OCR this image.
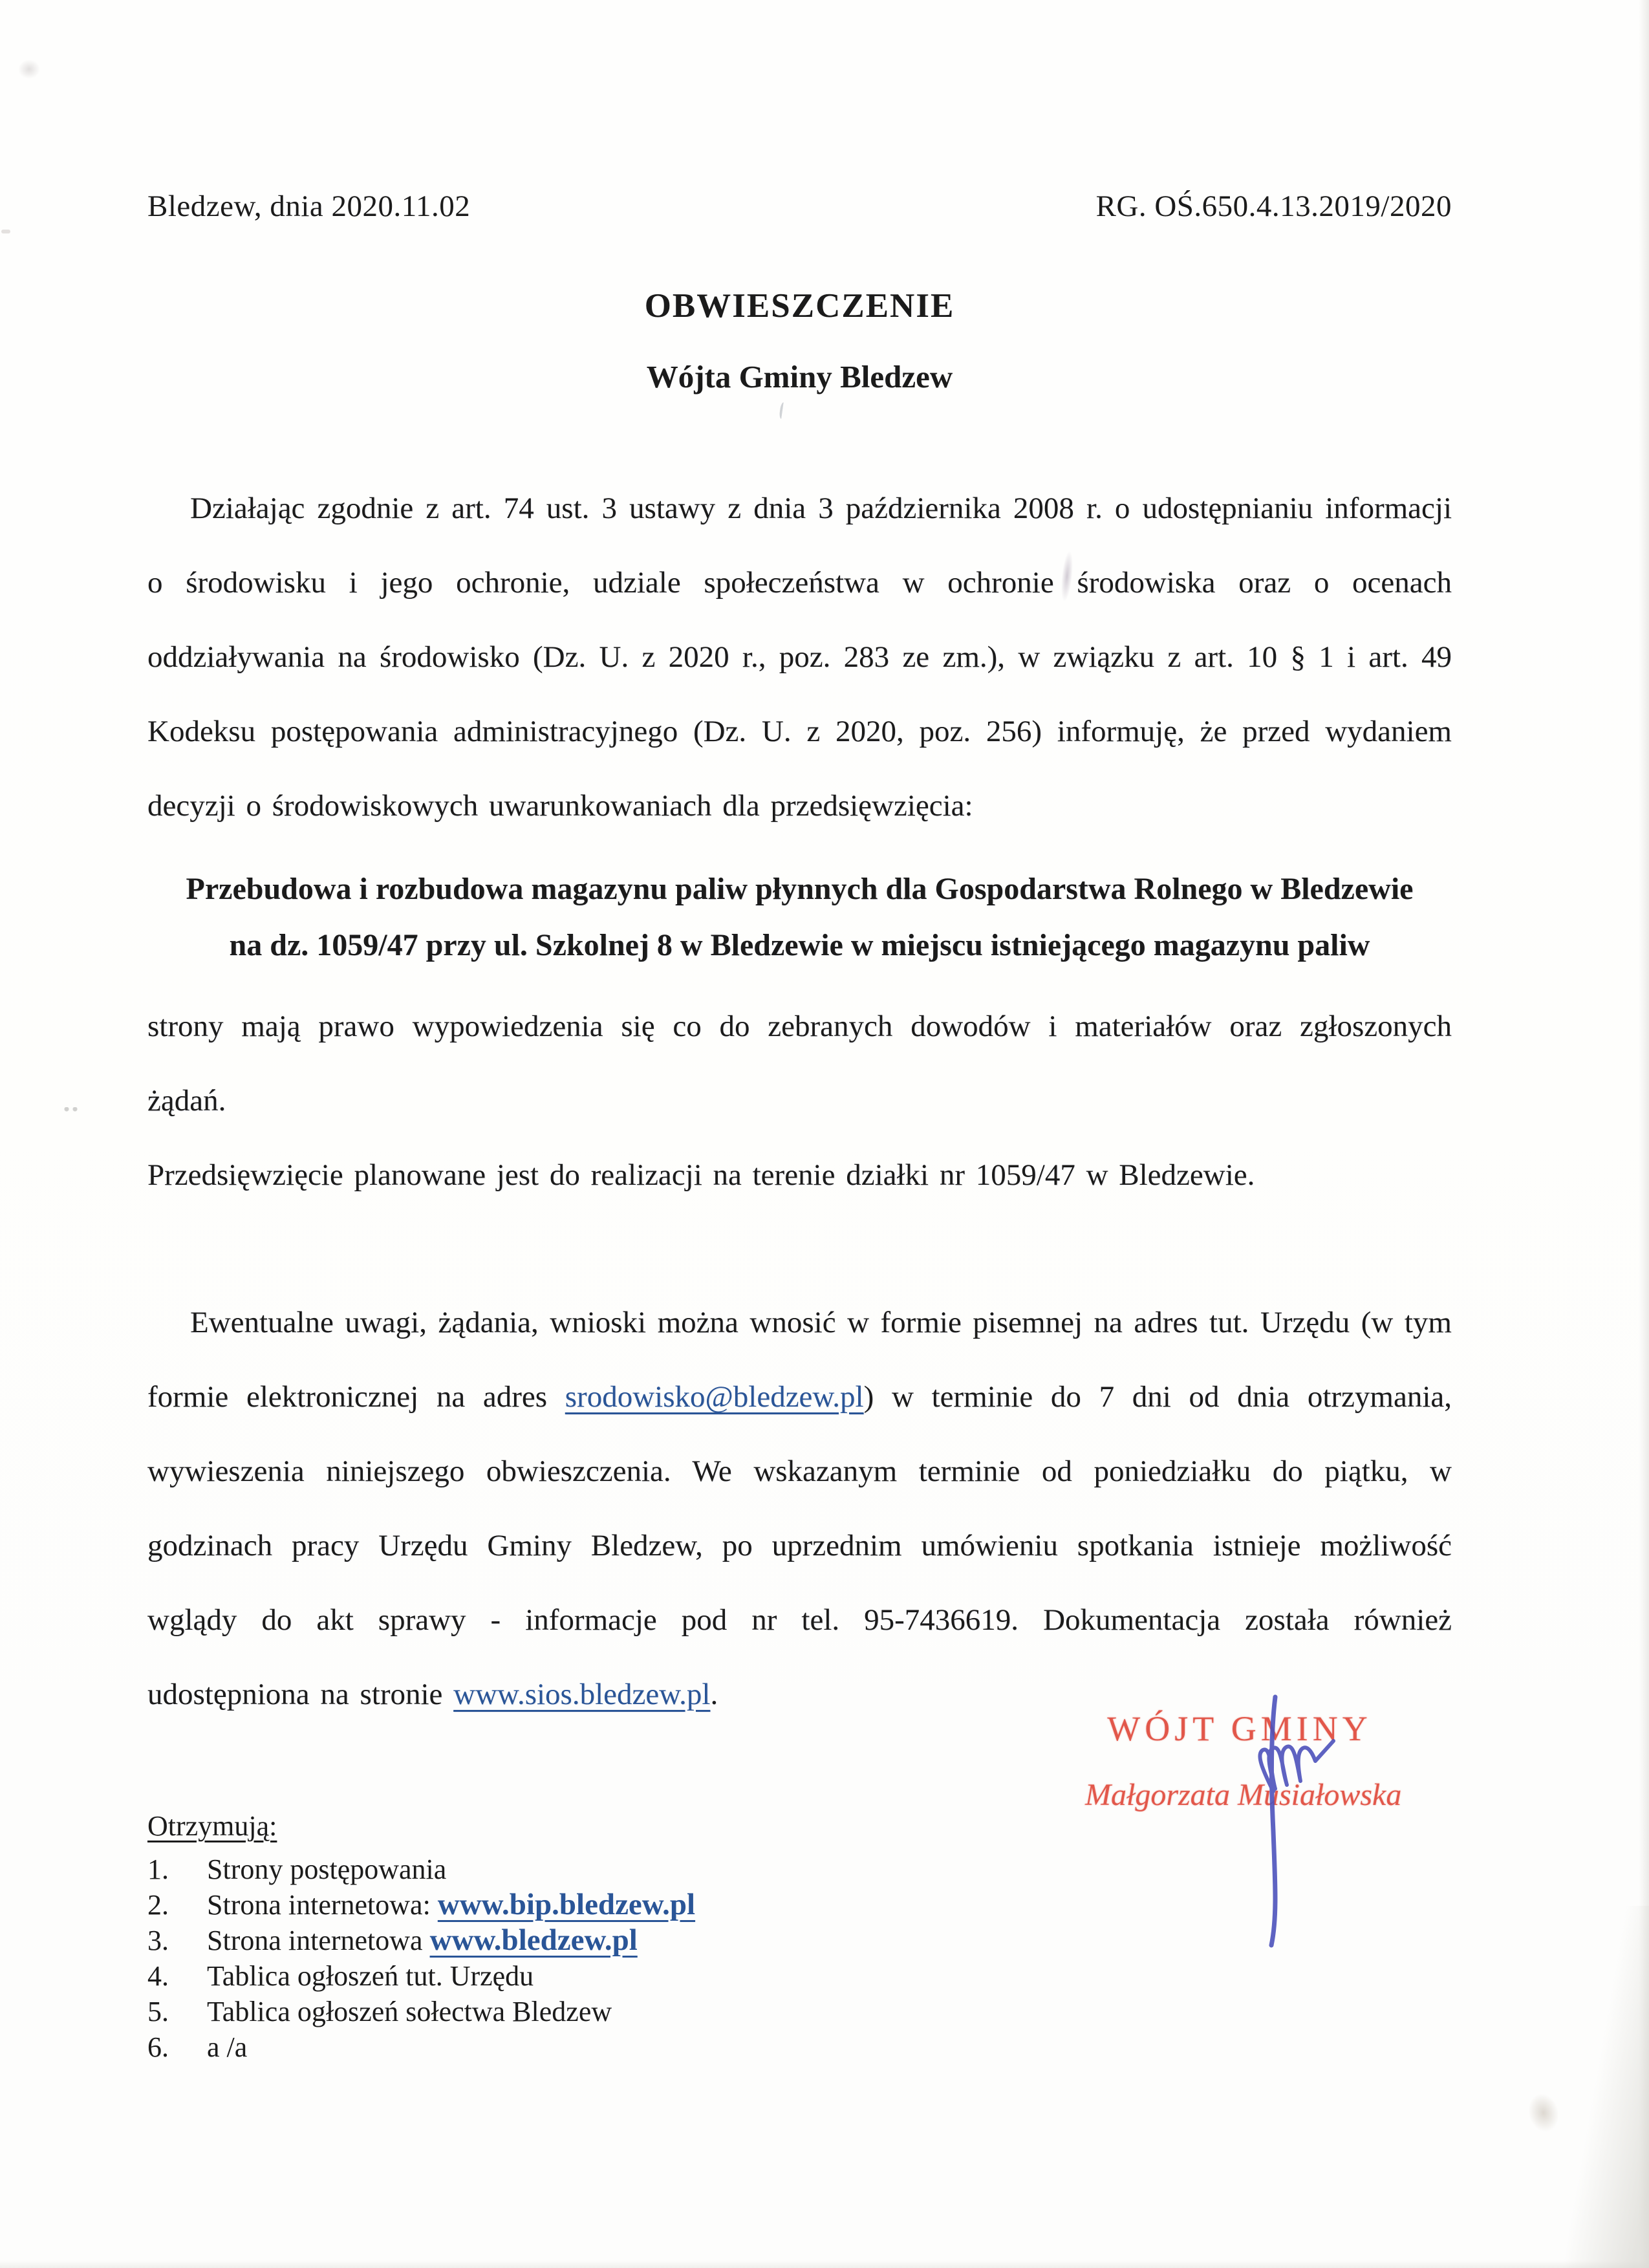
Bledzew, dnia 2020.11.02	RG. OŚ.650.4.13.2019/2020
OBWIESZCZENIE
Wójta Gminy Bledzew

Działając zgodnie z art. 74 ust. 3 ustawy z dnia 3 października 2008 r. o udostępnianiu informacji o środowisku i jego ochronie, udziale społeczeństwa w ochronie środowiska oraz o ocenach oddziaływania na środowisko (Dz. U. z 2020 r., poz. 283 ze zm.), w związku z art. 10 § 1 i art. 49 Kodeksu postępowania administracyjnego (Dz. U. z 2020, poz. 256) informuję, że przed wydaniem decyzji o środowiskowych uwarunkowaniach dla przedsięwzięcia:

Przebudowa i rozbudowa magazynu paliw płynnych dla Gospodarstwa Rolnego w Bledzewie
na dz. 1059/47 przy ul. Szkolnej 8 w Bledzewie w miejscu istniejącego magazynu paliw

strony mają prawo wypowiedzenia się co do zebranych dowodów i materiałów oraz zgłoszonych żądań.

Przedsięwzięcie planowane jest do realizacji na terenie działki nr 1059/47 w Bledzewie.

Ewentualne uwagi, żądania, wnioski można wnosić w formie pisemnej na adres tut. Urzędu (w tym formie elektronicznej na adres srodowisko@bledzew.pl) w terminie do 7 dni od dnia otrzymania, wywieszenia niniejszego obwieszczenia. We wskazanym terminie od poniedziałku do piątku, w godzinach pracy Urzędu Gminy Bledzew, po uprzednim umówieniu spotkania istnieje możliwość wglądy do akt sprawy - informacje pod nr tel. 95-7436619. Dokumentacja została również udostępniona na stronie www.sios.bledzew.pl.

WÓJT GMINY
Małgorzata Musiałowska
Otrzymują:
1.	Strony postępowania
2.	Strona internetowa: www.bip.bledzew.pl
3.	Strona internetowa www.bledzew.pl
4.	Tablica ogłoszeń tut. Urzędu
5.	Tablica ogłoszeń sołectwa Bledzew
6.	a /a
